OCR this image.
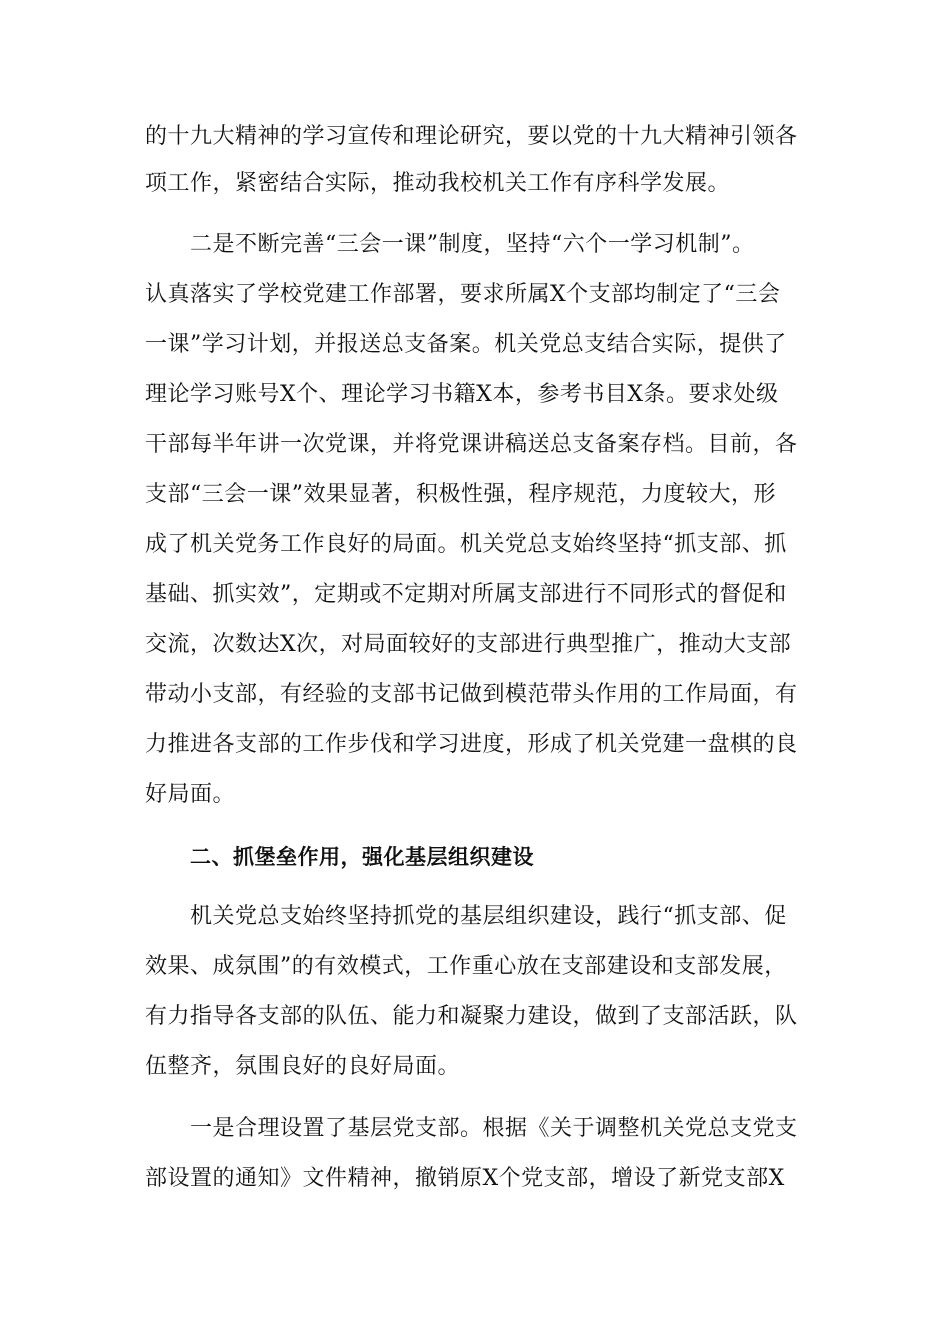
的十九大精神的学习宣传和理论研究，要以党的十九大精神引领各
项工作，紧密结合实际，推动我校机关工作有序科学发展。
二是不断完善“三会一课”制度，坚持“六个一学习机制”。
认真落实了学校党建工作部署，要求所属X个支部均制定了“三会
一课”学习计划，并报送总支备案。机关党总支结合实际，提供了
理论学习账号X个、理论学习书籍X本，参考书目X条。要求处级
干部每半年讲一次党课，并将党课讲稿送总支备案存档。目前，各
支部“三会一课”效果显著，积极性强，程序规范，力度较大，形
成了机关党务工作良好的局面。机关党总支始终坚持“抓支部、抓
基础、抓实效”，定期或不定期对所属支部进行不同形式的督促和
交流，次数达X次，对局面较好的支部进行典型推广，推动大支部
带动小支部，有经验的支部书记做到模范带头作用的工作局面，有
力推进各支部的工作步伐和学习进度，形成了机关党建一盘棋的良
好局面。
二、抓堡垒作用，强化基层组织建设
机关党总支始终坚持抓党的基层组织建设，践行“抓支部、促
效果、成氛围”的有效模式，工作重心放在支部建设和支部发展，
有力指导各支部的队伍、能力和凝聚力建设，做到了支部活跃，队
伍整齐，氛围良好的良好局面。
一是合理设置了基层党支部。根据《关于调整机关党总支党支
部设置的通知》文件精神，撤销原X个党支部，增设了新党支部X
